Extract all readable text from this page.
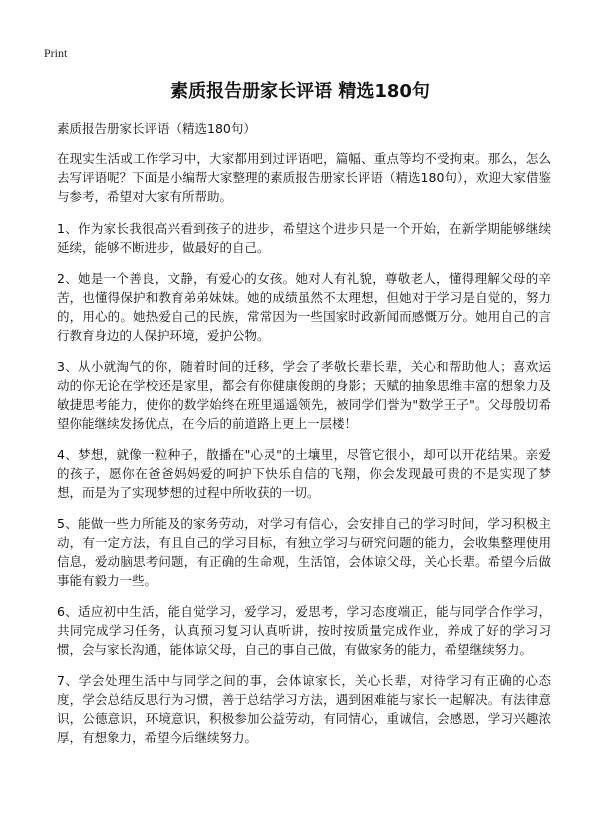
Print
素质报告册家长评语 精选180句

素质报告册家长评语（精选180句）

在现实生活或工作学习中，大家都用到过评语吧，篇幅、重点等均不受拘束。那么，怎么去写评语呢？下面是小编帮大家整理的素质报告册家长评语（精选180句），欢迎大家借鉴与参考，希望对大家有所帮助。

1、作为家长我很高兴看到孩子的进步，希望这个进步只是一个开始，在新学期能够继续延续，能够不断进步，做最好的自己。

2、她是一个善良，文静，有爱心的女孩。她对人有礼貌，尊敬老人，懂得理解父母的辛苦，也懂得保护和教育弟弟妹妹。她的成绩虽然不太理想，但她对于学习是自觉的，努力的，用心的。她热爱自己的民族，常常因为一些国家时政新闻而感慨万分。她用自己的言行教育身边的人保护环境，爱护公物。

3、从小就淘气的你，随着时间的迁移，学会了孝敬长辈长辈，关心和帮助他人；喜欢运动的你无论在学校还是家里，都会有你健康俊朗的身影；天赋的抽象思维丰富的想象力及敏捷思考能力，使你的数学始终在班里遥遥领先，被同学们誉为"数学王子"。父母殷切希望你能继续发扬优点，在今后的前道路上更上一层楼！

4、梦想，就像一粒种子，散播在"心灵"的土壤里，尽管它很小，却可以开花结果。亲爱的孩子，愿你在爸爸妈妈爱的呵护下快乐自信的飞翔，你会发现最可贵的不是实现了梦想，而是为了实现梦想的过程中所收获的一切。

5、能做一些力所能及的家务劳动，对学习有信心，会安排自己的学习时间，学习积极主动，有一定方法，有且自己的学习目标，有独立学习与研究问题的能力，会收集整理使用信息，爱动脑思考问题，有正确的生命观，生活馆，会体谅父母，关心长辈。希望今后做事能有毅力一些。

6、适应初中生活，能自觉学习，爱学习，爱思考，学习态度端正，能与同学合作学习，共同完成学习任务，认真预习复习认真听讲，按时按质量完成作业，养成了好的学习习惯，会与家长沟通，能体谅父母，自己的事自己做，有做家务的能力，希望继续努力。

7、学会处理生活中与同学之间的事，会体谅家长，关心长辈，对待学习有正确的心态度，学会总结反思行为习惯，善于总结学习方法，遇到困难能与家长一起解决。有法律意识，公德意识，环境意识，积极参加公益劳动，有同情心，重诚信，会感恩，学习兴趣浓厚，有想象力，希望今后继续努力。
